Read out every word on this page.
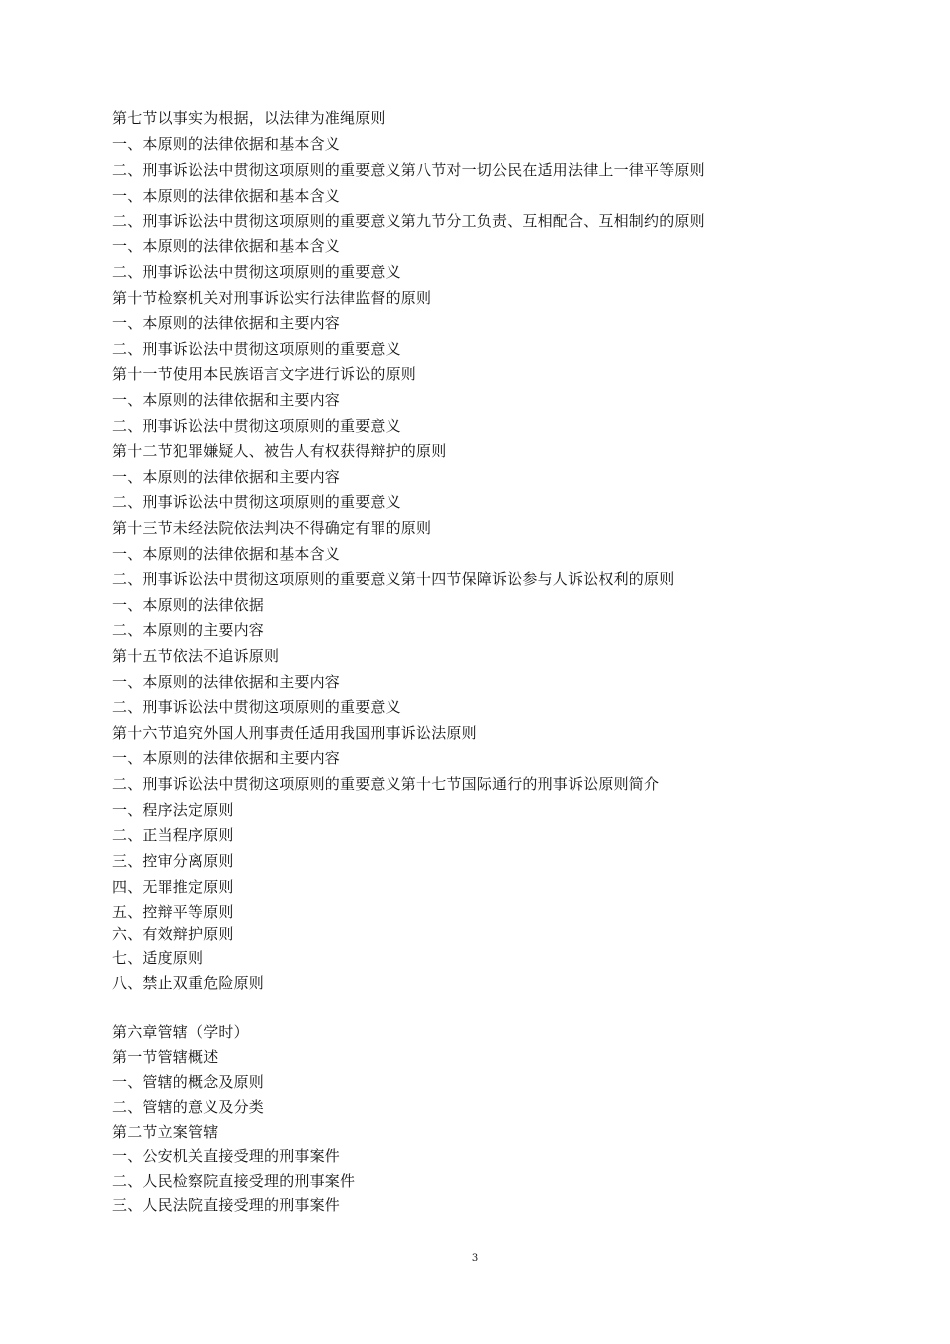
第七节以事实为根据，以法律为准绳原则
一、本原则的法律依据和基本含义
二、刑事诉讼法中贯彻这项原则的重要意义第八节对一切公民在适用法律上一律平等原则
一、本原则的法律依据和基本含义
二、刑事诉讼法中贯彻这项原则的重要意义第九节分工负责、互相配合、互相制约的原则
一、本原则的法律依据和基本含义
二、刑事诉讼法中贯彻这项原则的重要意义
第十节检察机关对刑事诉讼实行法律监督的原则
一、本原则的法律依据和主要内容
二、刑事诉讼法中贯彻这项原则的重要意义
第十一节使用本民族语言文字进行诉讼的原则
一、本原则的法律依据和主要内容
二、刑事诉讼法中贯彻这项原则的重要意义
第十二节犯罪嫌疑人、被告人有权获得辩护的原则
一、本原则的法律依据和主要内容
二、刑事诉讼法中贯彻这项原则的重要意义
第十三节未经法院依法判决不得确定有罪的原则
一、本原则的法律依据和基本含义
二、刑事诉讼法中贯彻这项原则的重要意义第十四节保障诉讼参与人诉讼权利的原则
一、本原则的法律依据
二、本原则的主要内容
第十五节依法不追诉原则
一、本原则的法律依据和主要内容
二、刑事诉讼法中贯彻这项原则的重要意义
第十六节追究外国人刑事责任适用我国刑事诉讼法原则
一、本原则的法律依据和主要内容
二、刑事诉讼法中贯彻这项原则的重要意义第十七节国际通行的刑事诉讼原则简介
一、程序法定原则
二、正当程序原则
三、控审分离原则
四、无罪推定原则
五、控辩平等原则
六、有效辩护原则
七、适度原则
八、禁止双重危险原则
第六章管辖（学时）
第一节管辖概述
一、管辖的概念及原则
二、管辖的意义及分类
第二节立案管辖
一、公安机关直接受理的刑事案件
二、人民检察院直接受理的刑事案件
三、人民法院直接受理的刑事案件
3
